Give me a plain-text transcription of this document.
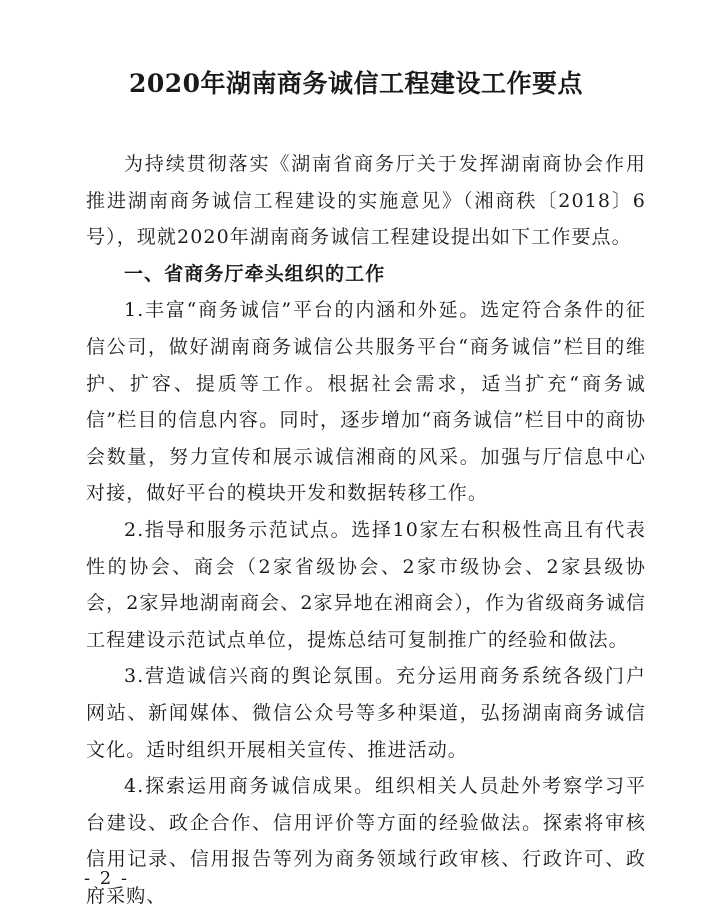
2020年湖南商务诚信工程建设工作要点

为持续贯彻落实《湖南省商务厅关于发挥湖南商协会作用推进湖南商务诚信工程建设的实施意见》（湘商秩〔2018〕6号），现就2020年湖南商务诚信工程建设提出如下工作要点。

一、省商务厅牵头组织的工作

1.丰富“商务诚信”平台的内涵和外延。选定符合条件的征信公司，做好湖南商务诚信公共服务平台“商务诚信”栏目的维护、扩容、提质等工作。根据社会需求，适当扩充“商务诚信”栏目的信息内容。同时，逐步增加“商务诚信”栏目中的商协会数量，努力宣传和展示诚信湘商的风采。加强与厅信息中心对接，做好平台的模块开发和数据转移工作。

2.指导和服务示范试点。选择10家左右积极性高且有代表性的协会、商会（2家省级协会、2家市级协会、2家县级协会，2家异地湖南商会、2家异地在湘商会），作为省级商务诚信工程建设示范试点单位，提炼总结可复制推广的经验和做法。

3.营造诚信兴商的舆论氛围。充分运用商务系统各级门户网站、新闻媒体、微信公众号等多种渠道，弘扬湖南商务诚信文化。适时组织开展相关宣传、推进活动。

4.探索运用商务诚信成果。组织相关人员赴外考察学习平台建设、政企合作、信用评价等方面的经验做法。探索将审核信用记录、信用报告等列为商务领域行政审核、行政许可、政府采购、

- 2 -
